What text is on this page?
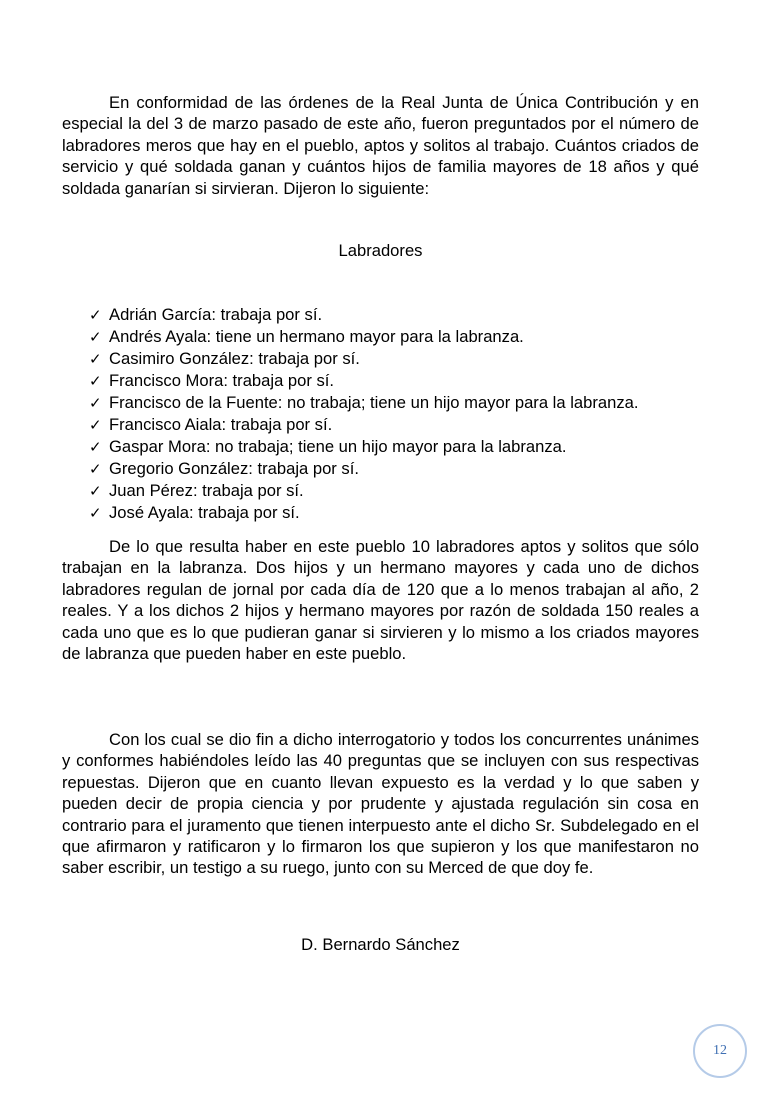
En conformidad de las órdenes de la Real Junta de Única Contribución y en especial la del 3 de marzo pasado de este año, fueron preguntados por el número de labradores meros que hay en el pueblo, aptos y solitos al trabajo. Cuántos criados de servicio y qué soldada ganan y cuántos hijos de familia mayores de 18 años y qué soldada ganarían si sirvieran. Dijeron lo siguiente:

Labradores

✓ Adrián García: trabaja por sí.
✓ Andrés Ayala: tiene un hermano mayor para la labranza.
✓ Casimiro González: trabaja por sí.
✓ Francisco Mora: trabaja por sí.
✓ Francisco de la Fuente: no trabaja; tiene un hijo mayor para la labranza.
✓ Francisco Aiala: trabaja por sí.
✓ Gaspar Mora: no trabaja; tiene un hijo mayor para la labranza.
✓ Gregorio González: trabaja por sí.
✓ Juan Pérez: trabaja por sí.
✓ José Ayala: trabaja por sí.

De lo que resulta haber en este pueblo 10 labradores aptos y solitos que sólo trabajan en la labranza. Dos hijos y un hermano mayores y cada uno de dichos labradores regulan de jornal por cada día de 120 que a lo menos trabajan al año, 2 reales. Y a los dichos 2 hijos y hermano mayores por razón de soldada 150 reales a cada uno que es lo que pudieran ganar si sirvieren y lo mismo a los criados mayores de labranza que pueden haber en este pueblo.

Con los cual se dio fin a dicho interrogatorio y todos los concurrentes unánimes y conformes habiéndoles leído las 40 preguntas que se incluyen con sus respectivas repuestas. Dijeron que en cuanto llevan expuesto es la verdad y lo que saben y pueden decir de propia ciencia y por prudente y ajustada regulación sin cosa en contrario para el juramento que tienen interpuesto ante el dicho Sr. Subdelegado en el que afirmaron y ratificaron y lo firmaron los que supieron y los que manifestaron no saber escribir, un testigo a su ruego, junto con su Merced de que doy fe.

D. Bernardo Sánchez

12
